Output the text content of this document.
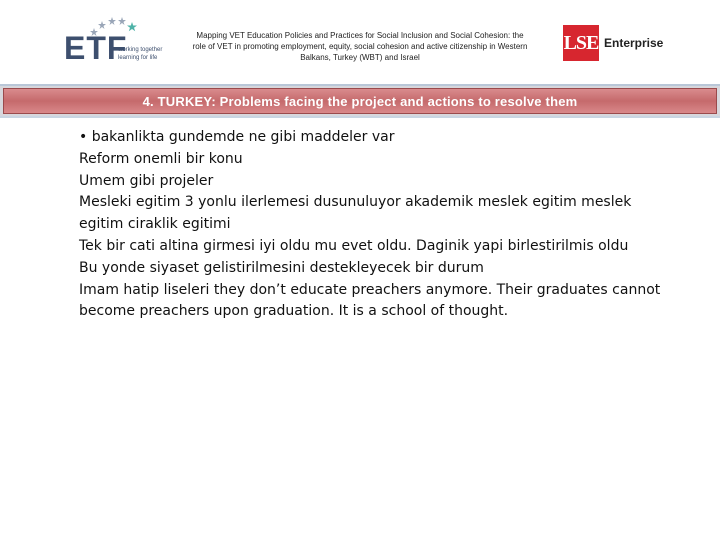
ETF
working together learning for life
Mapping VET Education Policies and Practices for Social Inclusion and Social Cohesion: the role of VET in promoting employment, equity, social cohesion and active citizenship in Western Balkans, Turkey (WBT) and Israel
LSE Enterprise
4. TURKEY: Problems facing the project and actions to resolve them

• bakanlikta gundemde ne gibi maddeler var

Reform onemli bir konu

Umem gibi projeler

Mesleki egitim 3 yonlu ilerlemesi dusunuluyor akademik meslek egitim meslek egitim ciraklik egitimi

Tek bir cati altina girmesi iyi oldu mu evet oldu. Daginik yapi birlestirilmis oldu

Bu yonde siyaset gelistirilmesini destekleyecek bir durum

Imam hatip liseleri they don’t educate preachers anymore. Their graduates cannot become preachers upon graduation. It is a school of thought.
